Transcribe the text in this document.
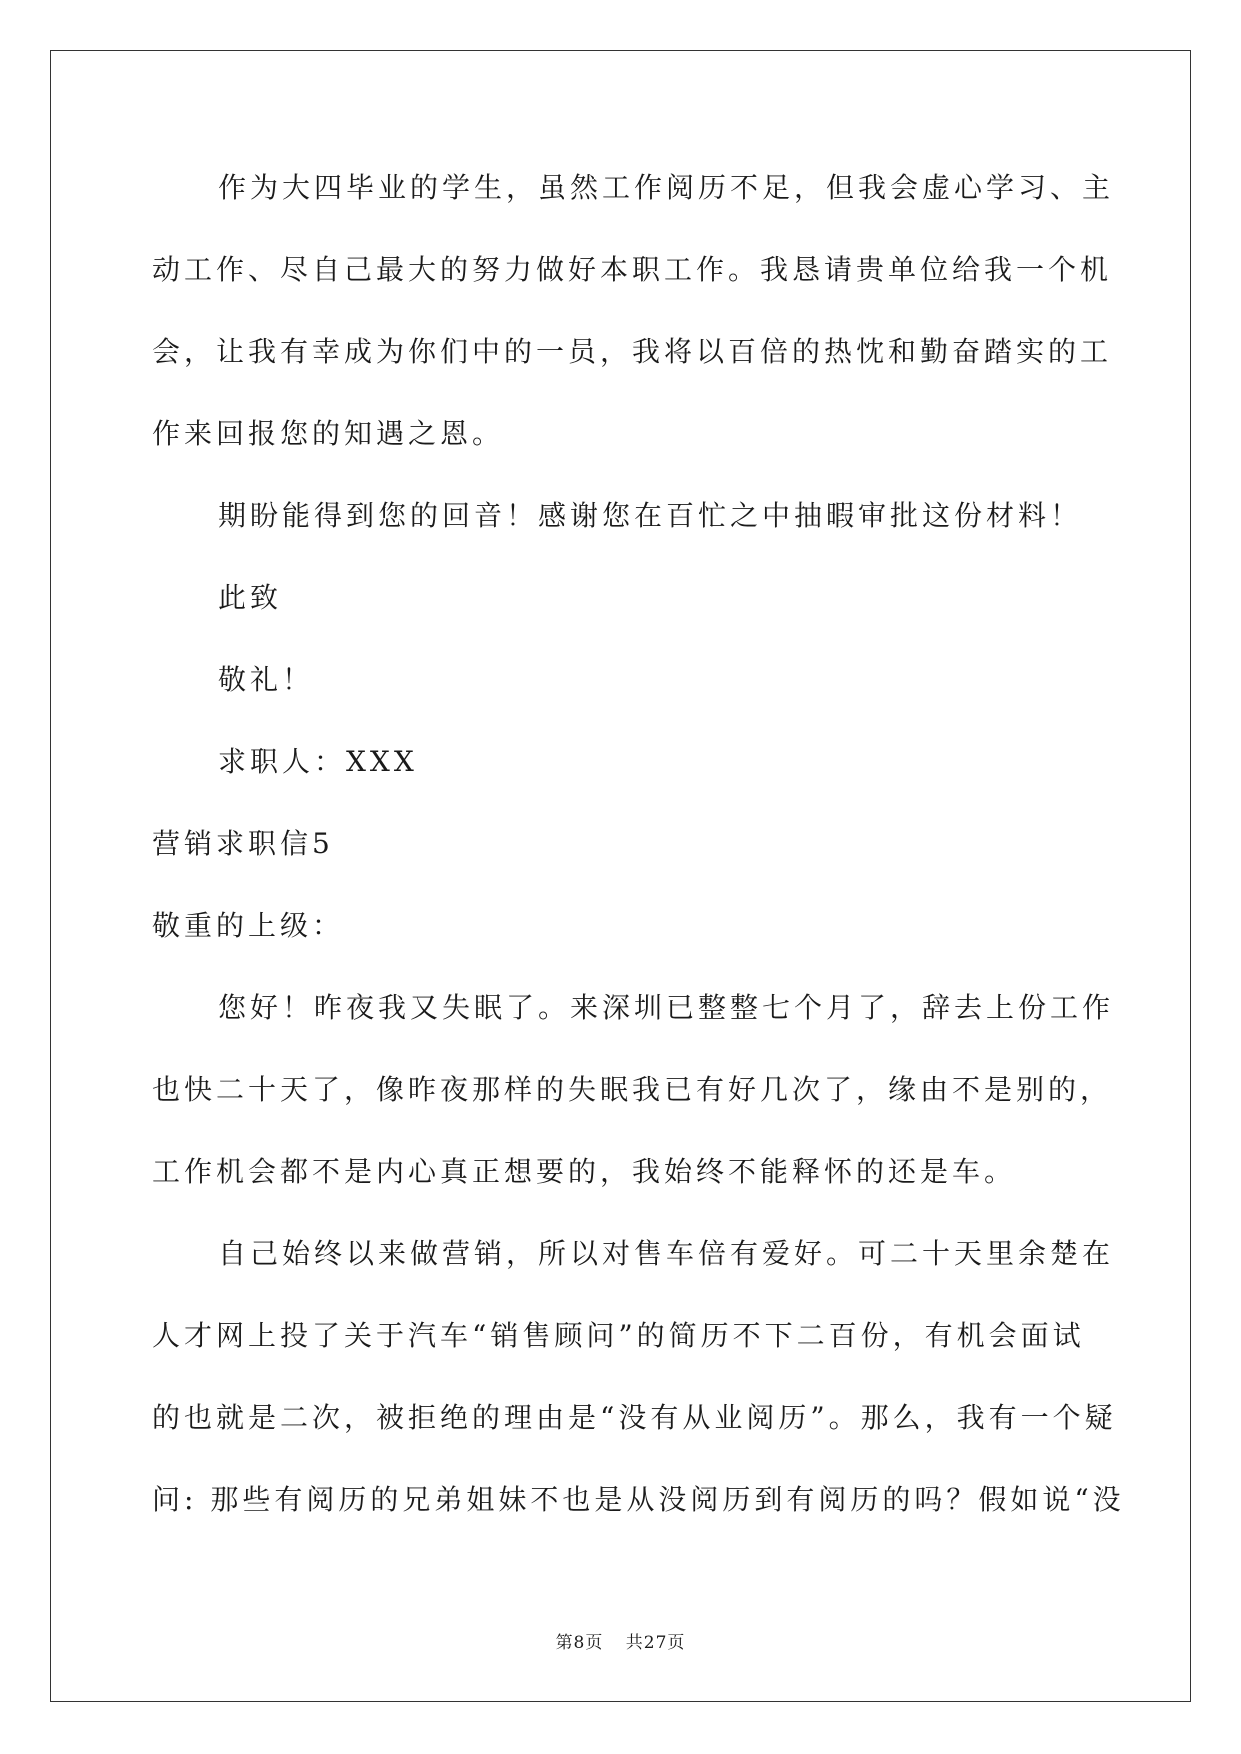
作为大四毕业的学生，虽然工作阅历不足，但我会虚心学习、主
动工作、尽自己最大的努力做好本职工作。我恳请贵单位给我一个机
会，让我有幸成为你们中的一员，我将以百倍的热忱和勤奋踏实的工
作来回报您的知遇之恩。
期盼能得到您的回音！感谢您在百忙之中抽暇审批这份材料！
此致
敬礼！
求职人：XXX
营销求职信5
敬重的上级：
您好！昨夜我又失眠了。来深圳已整整七个月了，辞去上份工作
也快二十天了，像昨夜那样的失眠我已有好几次了，缘由不是别的，
工作机会都不是内心真正想要的，我始终不能释怀的还是车。
自己始终以来做营销，所以对售车倍有爱好。可二十天里余楚在
人才网上投了关于汽车“销售顾问”的简历不下二百份，有机会面试
的也就是二次，被拒绝的理由是“没有从业阅历”。那么，我有一个疑
问: 那些有阅历的兄弟姐妹不也是从没阅历到有阅历的吗？假如说“没
第8页 共27页
